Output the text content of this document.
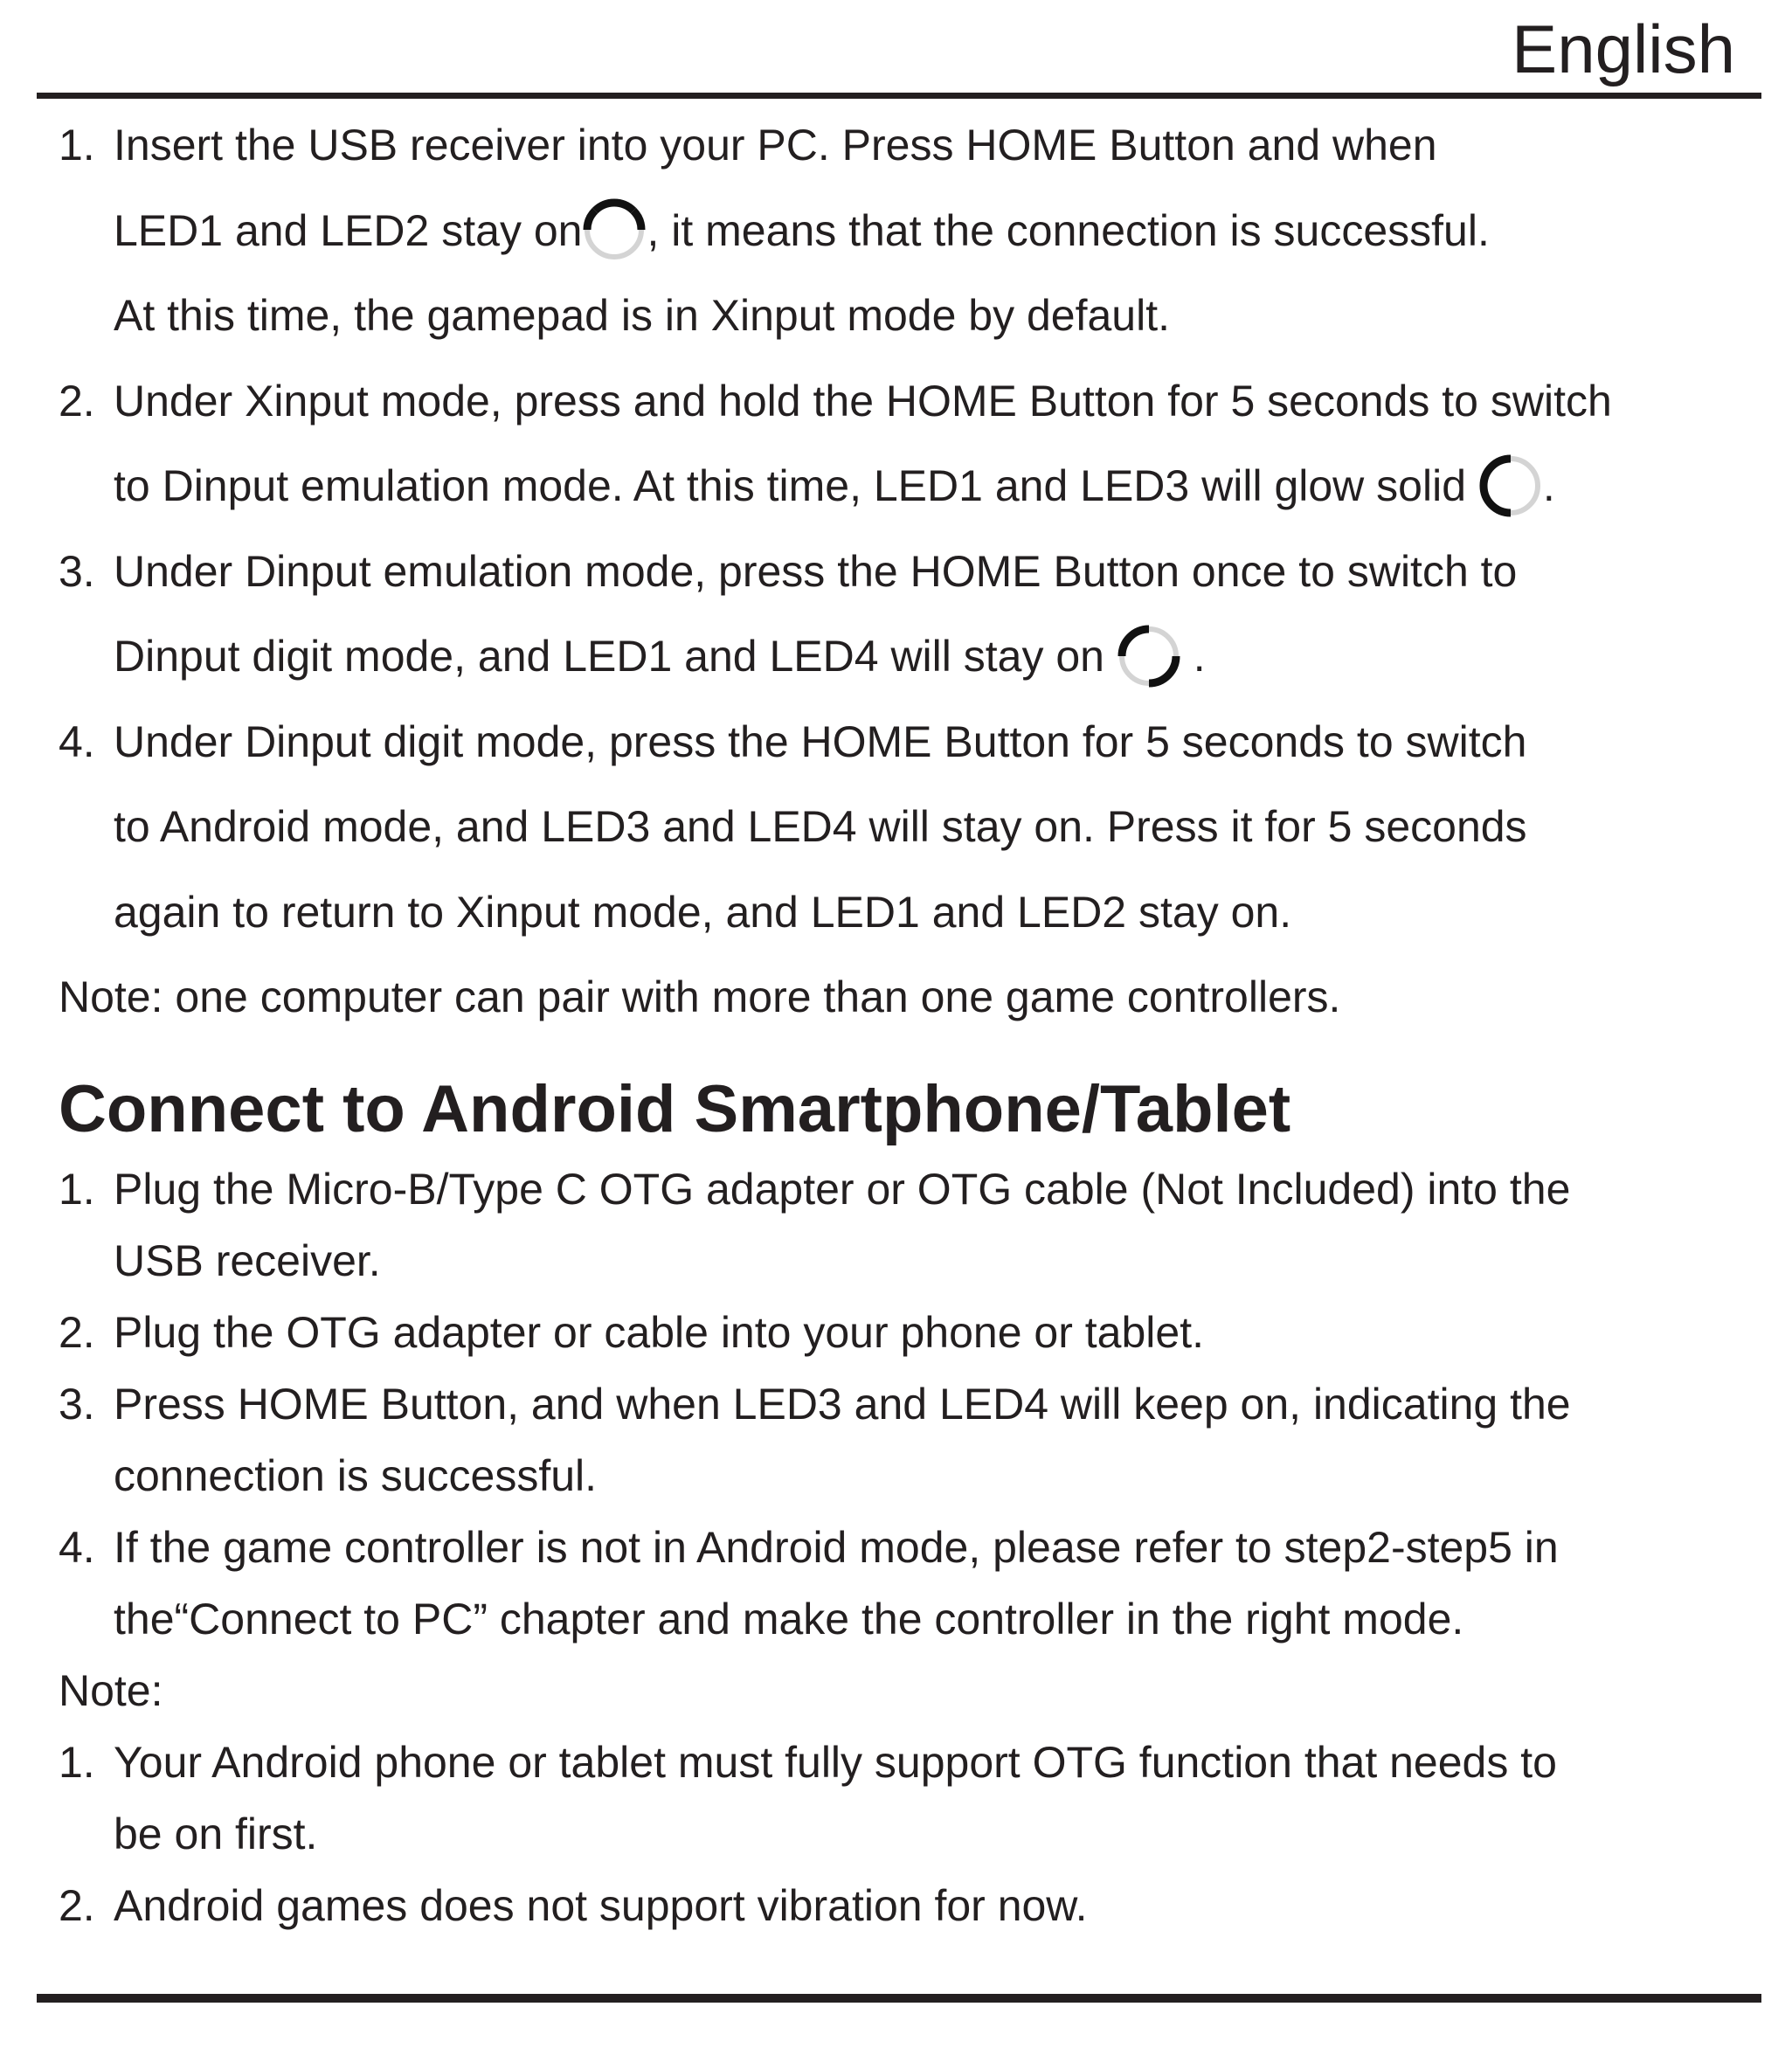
English
1. Insert the USB receiver into your PC. Press HOME Button and when
LED1 and LED2 stay on , it means that the connection is successful.
At this time, the gamepad is in Xinput mode by default.
2. Under Xinput mode, press and hold the HOME Button for 5 seconds to switch
to Dinput emulation mode. At this time, LED1 and LED3 will glow solid .
3. Under Dinput emulation mode, press the HOME Button once to switch to
Dinput digit mode, and LED1 and LED4 will stay on .
4. Under Dinput digit mode, press the HOME Button for 5 seconds to switch
to Android mode, and LED3 and LED4 will stay on. Press it for 5 seconds
again to return to Xinput mode, and LED1 and LED2 stay on.
Note: one computer can pair with more than one game controllers.
Connect to Android Smartphone/Tablet
1. Plug the Micro-B/Type C OTG adapter or OTG cable (Not Included) into the
USB receiver.
2. Plug the OTG adapter or cable into your phone or tablet.
3. Press HOME Button, and when LED3 and LED4 will keep on, indicating the
connection is successful.
4. If the game controller is not in Android mode, please refer to step2-step5 in
the“Connect to PC” chapter and make the controller in the right mode.
Note:
1. Your Android phone or tablet must fully support OTG function that needs to
be on first.
2. Android games does not support vibration for now.
